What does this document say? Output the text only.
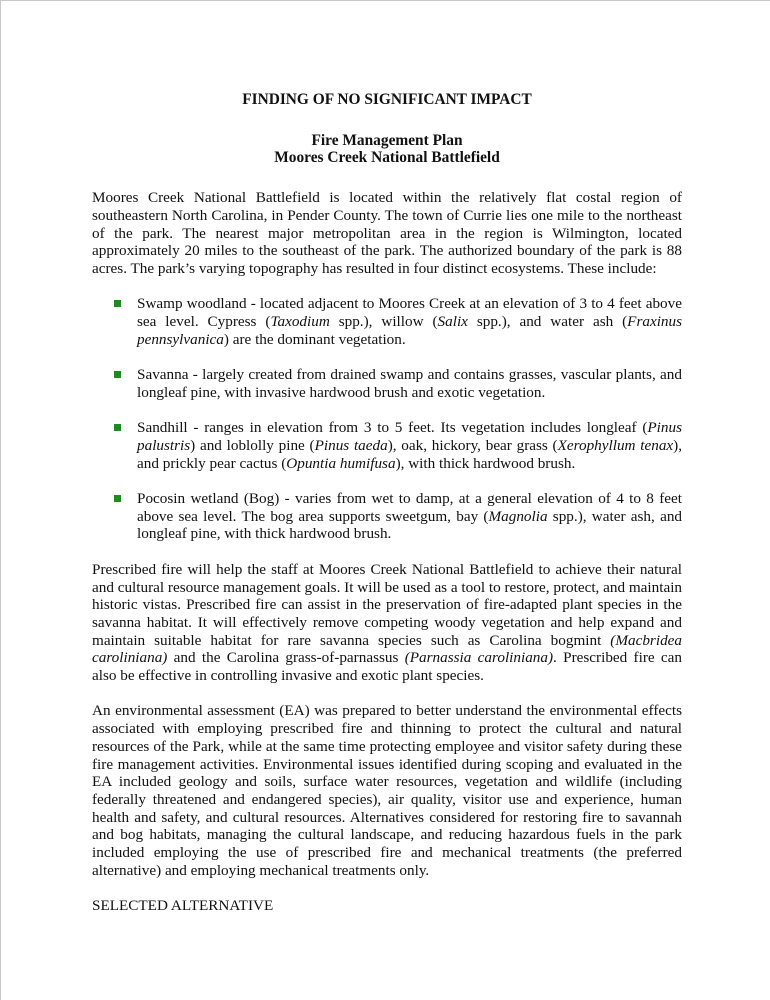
FINDING OF NO SIGNIFICANT IMPACT
Fire Management Plan
Moores Creek National Battlefield

Moores Creek National Battlefield is located within the relatively flat costal region of southeastern North Carolina, in Pender County. The town of Currie lies one mile to the northeast of the park. The nearest major metropolitan area in the region is Wilmington, located approximately 20 miles to the southeast of the park. The authorized boundary of the park is 88 acres. The park’s varying topography has resulted in four distinct ecosystems. These include:

Swamp woodland - located adjacent to Moores Creek at an elevation of 3 to 4 feet above sea level. Cypress (Taxodium spp.), willow (Salix spp.), and water ash (Fraxinus pennsylvanica) are the dominant vegetation.
Savanna - largely created from drained swamp and contains grasses, vascular plants, and longleaf pine, with invasive hardwood brush and exotic vegetation.
Sandhill - ranges in elevation from 3 to 5 feet. Its vegetation includes longleaf (Pinus palustris) and loblolly pine (Pinus taeda), oak, hickory, bear grass (Xerophyllum tenax), and prickly pear cactus (Opuntia humifusa), with thick hardwood brush.
Pocosin wetland (Bog) - varies from wet to damp, at a general elevation of 4 to 8 feet above sea level. The bog area supports sweetgum, bay (Magnolia spp.), water ash, and longleaf pine, with thick hardwood brush.

Prescribed fire will help the staff at Moores Creek National Battlefield to achieve their natural and cultural resource management goals. It will be used as a tool to restore, protect, and maintain historic vistas. Prescribed fire can assist in the preservation of fire-adapted plant species in the savanna habitat. It will effectively remove competing woody vegetation and help expand and maintain suitable habitat for rare savanna species such as Carolina bogmint (Macbridea caroliniana) and the Carolina grass-of-parnassus (Parnassia caroliniana). Prescribed fire can also be effective in controlling invasive and exotic plant species.

An environmental assessment (EA) was prepared to better understand the environmental effects associated with employing prescribed fire and thinning to protect the cultural and natural resources of the Park, while at the same time protecting employee and visitor safety during these fire management activities. Environmental issues identified during scoping and evaluated in the EA included geology and soils, surface water resources, vegetation and wildlife (including federally threatened and endangered species), air quality, visitor use and experience, human health and safety, and cultural resources. Alternatives considered for restoring fire to savannah and bog habitats, managing the cultural landscape, and reducing hazardous fuels in the park included employing the use of prescribed fire and mechanical treatments (the preferred alternative) and employing mechanical treatments only.

SELECTED ALTERNATIVE
